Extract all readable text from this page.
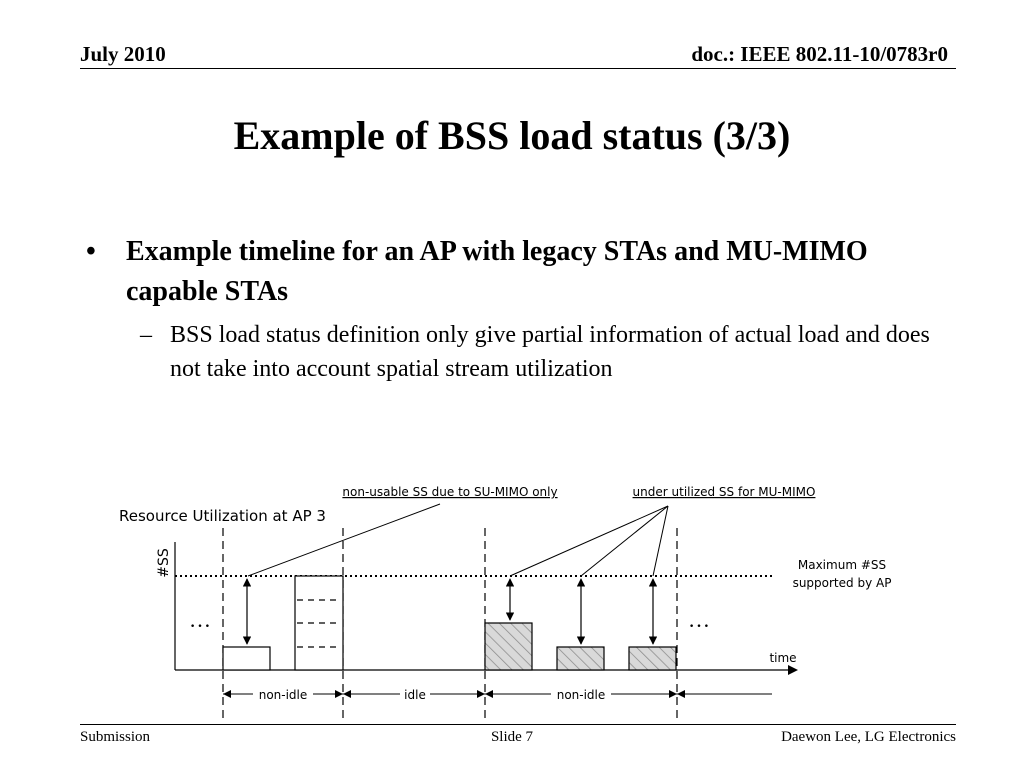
July 2010	doc.: IEEE 802.11-10/0783r0
Example of BSS load status (3/3)
• Example timeline for an AP with legacy STAs and MU-MIMO capable STAs
– BSS load status definition only give partial information of actual load and does not take into account spatial stream utilization
Resource Utilization at AP 3
#SS
time
Maximum #SS
supported by AP
non-usable SS due to SU-MIMO only	under utilized SS for MU-MIMO
…	…
non-idle	idle	non-idle
Submission	Slide 7	Daewon Lee, LG Electronics
